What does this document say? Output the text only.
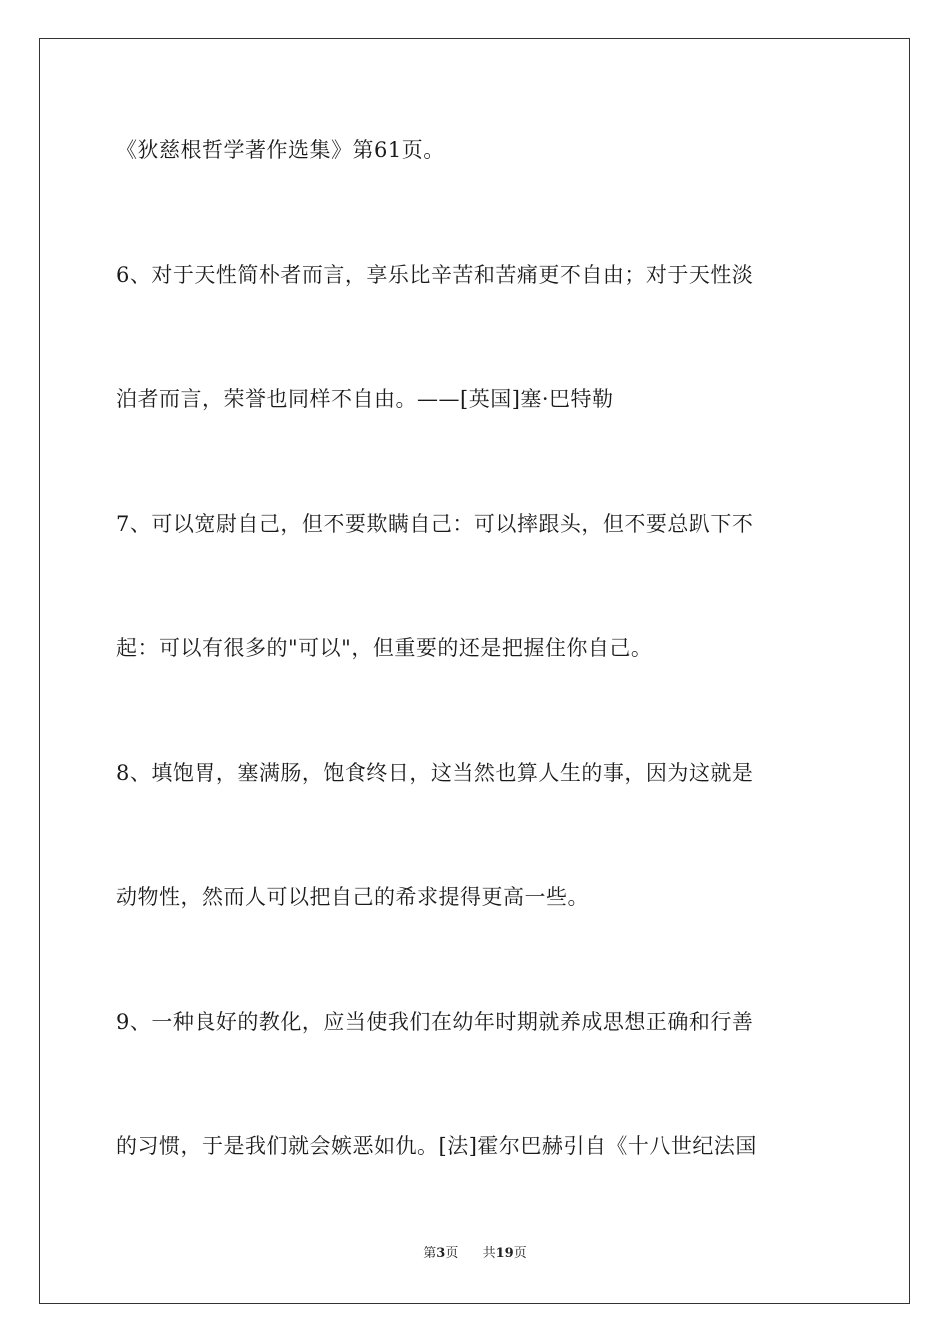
《狄慈根哲学著作选集》第61页。
6、对于天性简朴者而言，享乐比辛苦和苦痛更不自由；对于天性淡
泊者而言，荣誉也同样不自由。——[英国]塞·巴特勒
7、可以宽尉自己，但不要欺瞒自己：可以摔跟头，但不要总趴下不
起：可以有很多的"可以"，但重要的还是把握住你自己。
8、填饱胃，塞满肠，饱食终日，这当然也算人生的事，因为这就是
动物性，然而人可以把自己的希求提得更高一些。
9、一种良好的教化，应当使我们在幼年时期就养成思想正确和行善
的习惯，于是我们就会嫉恶如仇。[法]霍尔巴赫引自《十八世纪法国
第3页 共19页
